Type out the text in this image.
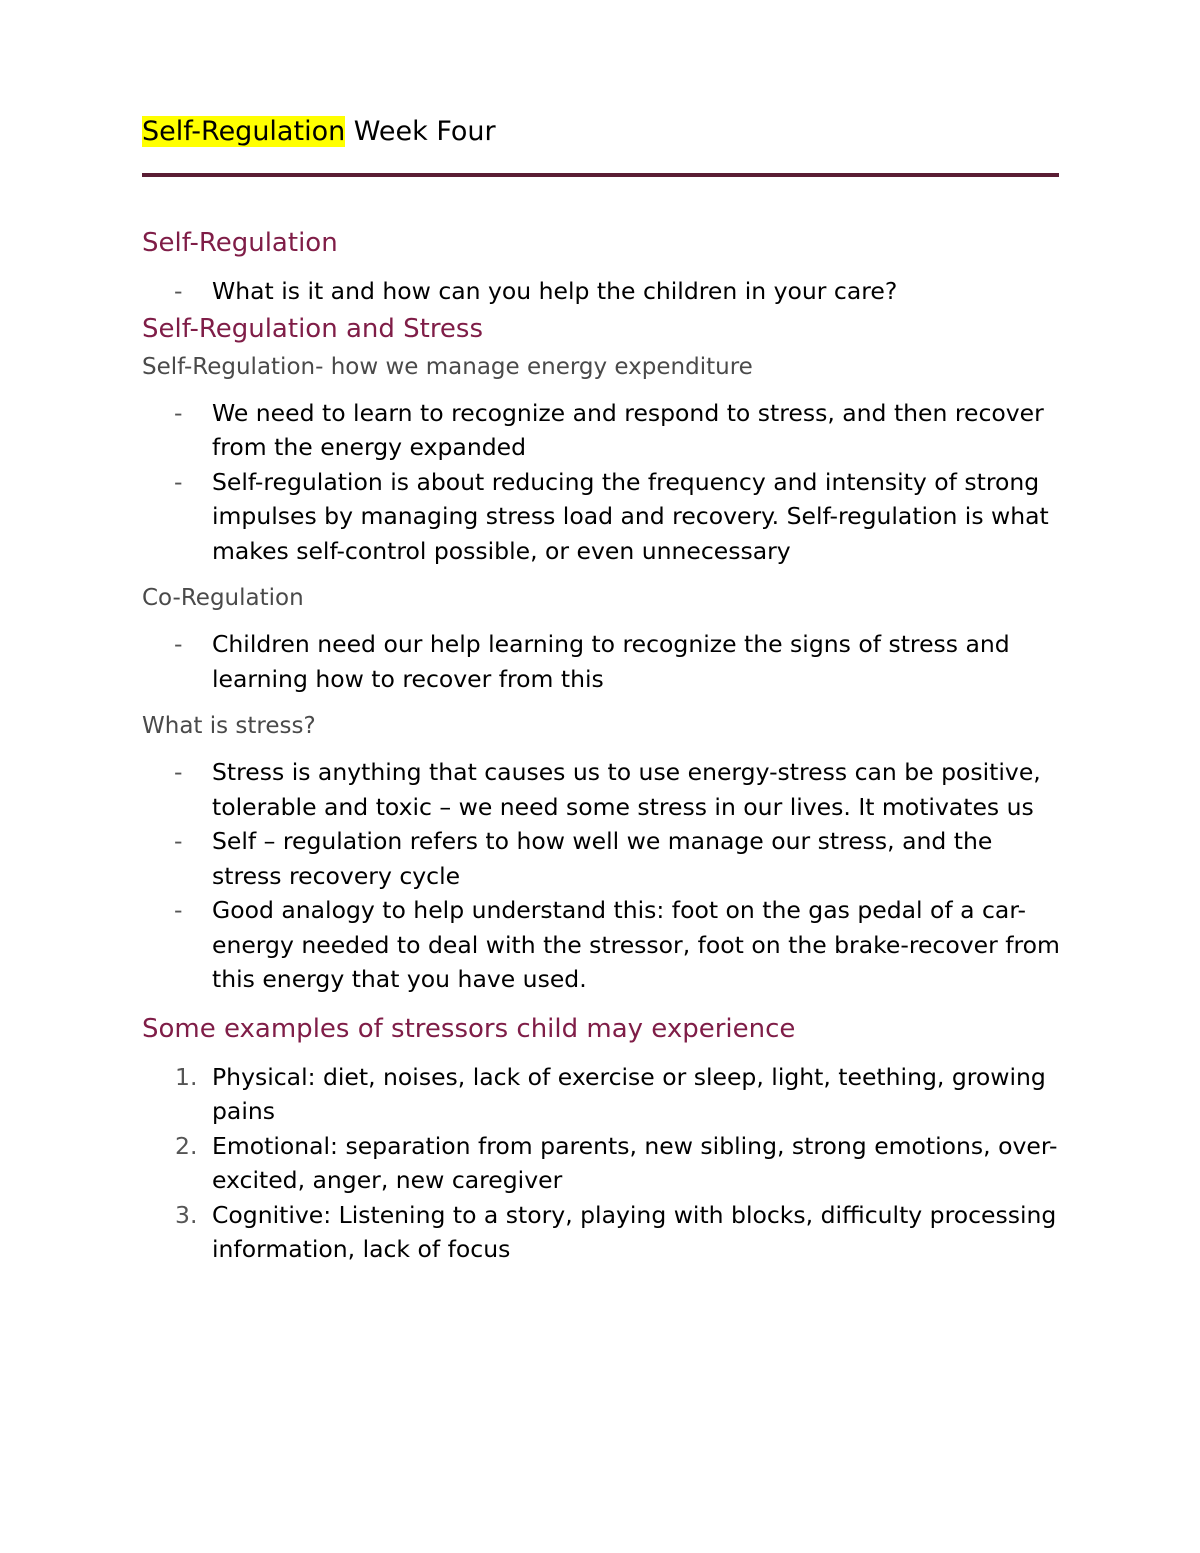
Self-Regulation Week Four
Self-Regulation
- What is it and how can you help the children in your care?
Self-Regulation and Stress
Self-Regulation- how we manage energy expenditure
- We need to learn to recognize and respond to stress, and then recover from the energy expanded
- Self-regulation is about reducing the frequency and intensity of strong impulses by managing stress load and recovery. Self-regulation is what makes self-control possible, or even unnecessary
Co-Regulation
- Children need our help learning to recognize the signs of stress and learning how to recover from this
What is stress?
- Stress is anything that causes us to use energy-stress can be positive, tolerable and toxic – we need some stress in our lives. It motivates us
- Self – regulation refers to how well we manage our stress, and the stress recovery cycle
- Good analogy to help understand this: foot on the gas pedal of a car-energy needed to deal with the stressor, foot on the brake-recover from this energy that you have used.
Some examples of stressors child may experience
1. Physical: diet, noises, lack of exercise or sleep, light, teething, growing pains
2. Emotional: separation from parents, new sibling, strong emotions, over-excited, anger, new caregiver
3. Cognitive: Listening to a story, playing with blocks, difficulty processing information, lack of focus
